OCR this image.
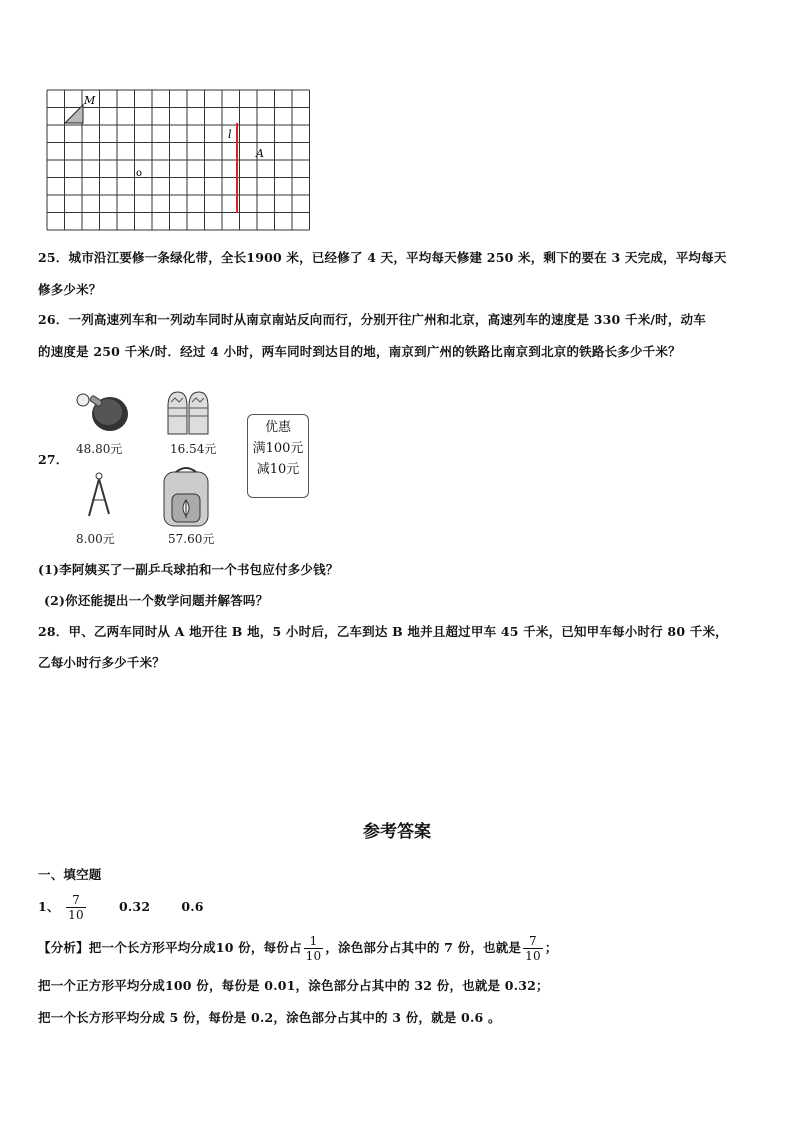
M
l
A
o
25．城市沿江要修一条绿化带，全长1900 米，已经修了 4 天，平均每天修建 250 米，剩下的要在 3 天完成，平均每天
修多少米？
26．一列高速列车和一列动车同时从南京南站反向而行，分别开往广州和北京，高速列车的速度是 330 千米/时，动车
的速度是 250 千米/时．经过 4 小时，两车同时到达目的地，南京到广州的铁路比南京到北京的铁路长多少千米？
27．
48.80元	16.54元
优惠
满100元
减10元
8.00元	57.60元
(1)李阿姨买了一副乒乓球拍和一个书包应付多少钱？
(2)你还能提出一个数学问题并解答吗？
28．甲、乙两车同时从 A 地开往 B 地，5 小时后，乙车到达 B 地并且超过甲车 45 千米，已知甲车每小时行 80 千米，
乙每小时行多少千米？
参考答案
一、填空题
1、 $\frac{7}{10}$	0.32 0.6
【分析】把一个长方形平均分成10 份，每份占 $\frac{1}{10}$ ，涂色部分占其中的 7 份，也就是 $\frac{7}{10}$ ；
把一个正方形平均分成100 份，每份是 0.01，涂色部分占其中的 32 份，也就是 0.32；
把一个长方形平均分成 5 份，每份是 0.2，涂色部分占其中的 3 份，就是 0.6 。
